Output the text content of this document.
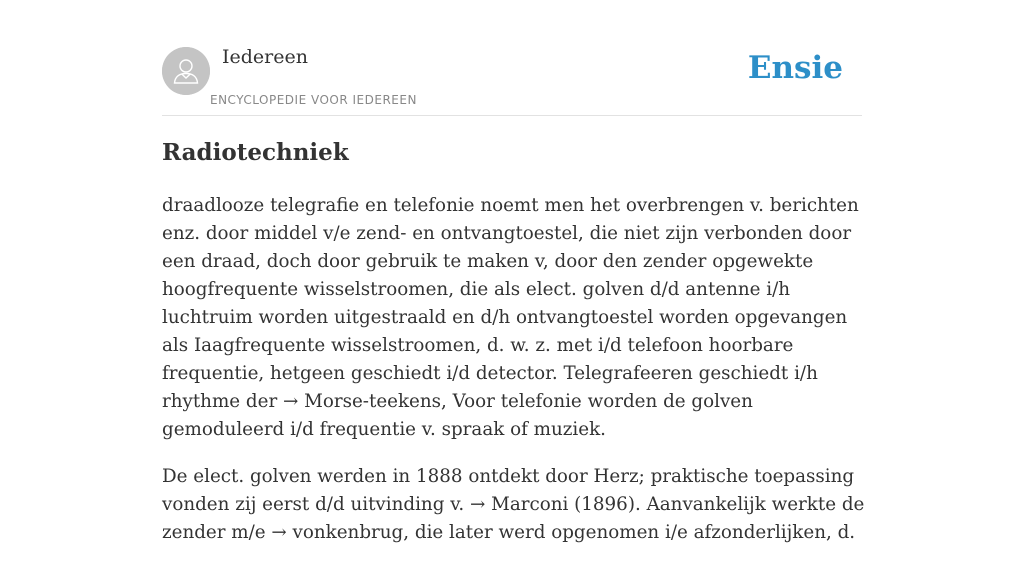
Iedereen
ENCYCLOPEDIE VOOR IEDEREEN
Ensie
Radiotechniek

draadlooze telegrafie en telefonie noemt men het overbrengen v. berichten enz. door middel v/e zend- en ontvangtoestel, die niet zijn verbonden door een draad, doch door gebruik te maken v, door den zender opgewekte hoogfrequente wisselstroomen, die als elect. golven d/d antenne i/h luchtruim worden uitgestraald en d/h ontvangtoestel worden opgevangen als Iaagfrequente wisselstroomen, d. w. z. met i/d telefoon hoorbare frequentie, hetgeen geschiedt i/d detector. Telegrafeeren geschiedt i/h rhythme der → Morse-teekens, Voor telefonie worden de golven gemoduleerd i/d frequentie v. spraak of muziek.

De elect. golven werden in 1888 ontdekt door Herz; praktische toepassing vonden zij eerst d/d uitvinding v. → Marconi (1896). Aanvankelijk werkte de zender m/e → vonkenbrug, die later werd opgenomen i/e afzonderlijken, d.
